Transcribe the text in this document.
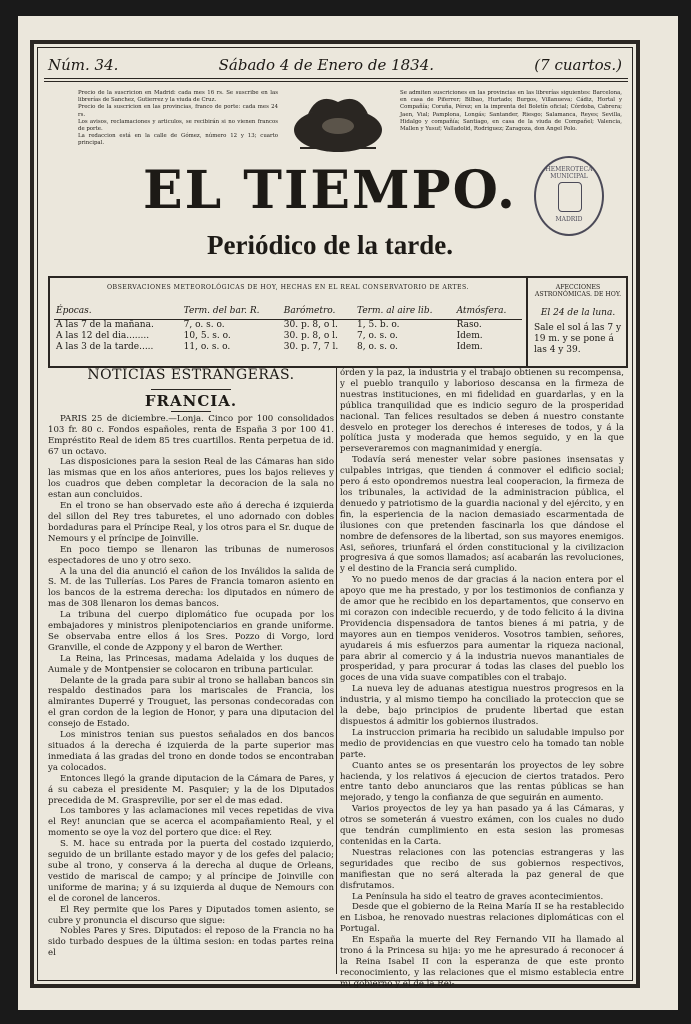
Núm. 34.	Sábado 4 de Enero de 1834.	(7 cuartos.)
Precio de la suscricion en Madrid: cada mes 16 rs. Se suscribe en las librerías de Sanchez, Gutierrez y la viuda de Cruz.
Precio de la suscricion en las provincias, franco de porte: cada mes 24 rs.
Los avisos, reclamaciones y articulos, se recibirán si no vienen francos de porte.
La redaccion está en la calle de Gómez, número 12 y 13; cuarto principal.
Se admiten suscriciones en las provincias en las librerías siguientes: Barcelona, en casa de Piferrer; Bilbao, Hurtado; Burgos, Villanueva; Cádiz, Hortal y Compañía; Coruña, Pérez; en la imprenta del Boletín oficial; Córdoba, Cabrera; Jaen, Vial; Pamplona, Longás; Santander, Riesgo; Salamanca, Reyes; Sevilla, Hidalgo y compañía; Santiago, en casa de la viuda de Compañel; Valencia, Mallen y Yusuf; Valladolid, Rodriguez; Zaragoza, don Angel Polo.
EL TIEMPO.
Periódico de la tarde.
HEMEROTECA MUNICIPAL
MADRID
OBSERVACIONES METEOROLÓGICAS DE HOY, HECHAS EN EL REAL CONSERVATORIO DE ARTES.
Épocas.	Term. del bar. R.	Barómetro.	Term. al aire lib.	Atmósfera.
A las 7 de la mañana.	7, o. s. o.	30. p. 8, o l.	1, 5. b. o.	Raso.
A las 12 del dia........	10, 5. s. o.	30. p. 8, o l.	7, o. s. o.	Idem.
A las 3 de la tarde.....	11, o. s. o.	30. p. 7, 7 l.	8, o. s. o.	Idem.
AFECCIONES ASTRONÓMICAS. DE HOY.
El 24 de la luna.
Sale el sol á las 7 y 19 m. y se pone á las 4 y 39.
NOTICIAS ESTRANGERAS.
FRANCIA.

PARIS 25 de diciembre.—Lonja. Cinco por 100 consolidados 103 fr. 80 c. Fondos españoles, renta de España 3 por 100 41. Empréstito Real de idem 85 tres cuartillos. Renta perpetua de id. 67 un octavo.

Las disposiciones para la sesion Real de las Cámaras han sido las mismas que en los años anteriores, pues los bajos relieves y los cuadros que deben completar la decoracion de la sala no estan aun concluidos.

En el trono se han observado este año á derecha é izquierda del sillon del Rey tres taburetes, el uno adornado con dobles bordaduras para el Príncipe Real, y los otros para el Sr. duque de Nemours y el príncipe de Joinville.

En poco tiempo se llenaron las tribunas de numerosos espectadores de uno y otro sexo.

A la una del dia anunció el cañon de los Inválidos la salida de S. M. de las Tullerías. Los Pares de Francia tomaron asiento en los bancos de la estrema derecha: los diputados en número de mas de 308 llenaron los demas bancos.

La tribuna del cuerpo diplomático fue ocupada por los embajadores y ministros plenipotenciarios en grande uniforme. Se observaba entre ellos á los Sres. Pozzo di Vorgo, lord Granville, el conde de Azppony y el baron de Werther.

La Reina, las Princesas, madama Adelaida y los duques de Aumale y de Montpensier se colocaron en tribuna particular.

Delante de la grada para subir al trono se hallaban bancos sin respaldo destinados para los mariscales de Francia, los almirantes Duperré y Trouguet, las personas condecoradas con el gran cordon de la legion de Honor, y para una diputacion del consejo de Estado.

Los ministros tenian sus puestos señalados en dos bancos situados á la derecha é izquierda de la parte superior mas inmediata á las gradas del trono en donde todos se encontraban ya colocados.

Entonces llegó la grande diputacion de la Cámara de Pares, y á su cabeza el presidente M. Pasquier; y la de los Diputados precedida de M. Grasprevilie, por ser el de mas edad.

Los tambores y las aclamaciones mil veces repetidas de viva el Rey! anuncian que se acerca el acompañamiento Real, y el momento se oye la voz del portero que dice: el Rey.

S. M. hace su entrada por la puerta del costado izquierdo, seguido de un brillante estado mayor y de los gefes del palacio; sube al trono, y conserva á la derecha al duque de Orleans, vestido de mariscal de campo; y al príncipe de Joinville con uniforme de marina; y á su izquierda al duque de Nemours con el de coronel de lanceros.

El Rey permite que los Pares y Diputados tomen asiento, se cubre y pronuncia el discurso que sigue:

Nobles Pares y Sres. Diputados: el reposo de la Francia no ha sido turbado despues de la última sesion: en todas partes reina el

órden y la paz, la industria y el trabajo obtienen su recompensa, y el pueblo tranquilo y laborioso descansa en la firmeza de nuestras instituciones, en mi fidelidad en guardarlas, y en la pública tranquilidad que es indicio seguro de la prosperidad nacional. Tan felices resultados se deben á nuestro constante desvelo en proteger los derechos é intereses de todos, y á la política justa y moderada que hemos seguido, y en la que perseveraremos con magnanimidad y energía.

Todavía será menester velar sobre pasiones insensatas y culpables intrigas, que tienden á conmover el edificio social; pero á esto opondremos nuestra leal cooperacion, la firmeza de los tribunales, la actividad de la administracion pública, el denuedo y patriotismo de la guardia nacional y del ejército, y en fin, la esperiencia de la nacion demasiado escarmentada de ilusiones con que pretenden fascinarla los que dándose el nombre de defensores de la libertad, son sus mayores enemigos. Asi, señores, triunfará el órden constitucional y la civilizacion progresiva á que somos llamados; así acabarán las revoluciones, y el destino de la Francia será cumplido.

Yo no puedo menos de dar gracias á la nacion entera por el apoyo que me ha prestado, y por los testimonios de confianza y de amor que he recibido en los departamentos, que conservo en mi corazon con indecible recuerdo, y de todo felicito á la divina Providencia dispensadora de tantos bienes á mi patria, y de mayores aun en tiempos venideros. Vosotros tambien, señores, ayudareis á mis esfuerzos para aumentar la riqueza nacional, para abrir al comercio y á la industria nuevos manantiales de prosperidad, y para procurar á todas las clases del pueblo los goces de una vida suave compatibles con el trabajo.

La nueva ley de aduanas atestigua nuestros progresos en la industria, y al mismo tiempo ha conciliado la proteccion que se la debe, bajo principios de prudente libertad que estan dispuestos á admitir los gobiernos ilustrados.

La instruccion primaria ha recibido un saludable impulso por medio de providencias en que vuestro celo ha tomado tan noble parte.

Cuanto antes se os presentarán los proyectos de ley sobre hacienda, y los relativos á ejecucion de ciertos tratados. Pero entre tanto debo anunciaros que las rentas públicas se han mejorado, y tengo la confianza de que seguirán en aumento.

Varios proyectos de ley ya han pasado ya á las Cámaras, y otros se someterán á vuestro exámen, con los cuales no dudo que tendrán cumplimiento en esta sesion las promesas contenidas en la Carta.

Nuestras relaciones con las potencias estrangeras y las seguridades que recibo de sus gobiernos respectivos, manifiestan que no será alterada la paz general de que disfrutamos.

La Península ha sido el teatro de graves acontecimientos.

Desde que el gobierno de la Reina María II se ha restablecido en Lisboa, he renovado nuestras relaciones diplomáticas con el Portugal.

En España la muerte del Rey Fernando VII ha llamado al trono á la Princesa su hija: yo me he apresurado á reconocer á la Reina Isabel II con la esperanza de que este pronto reconocimiento, y las relaciones que el mismo establecia entre mi gobierno y el de la Rei-
